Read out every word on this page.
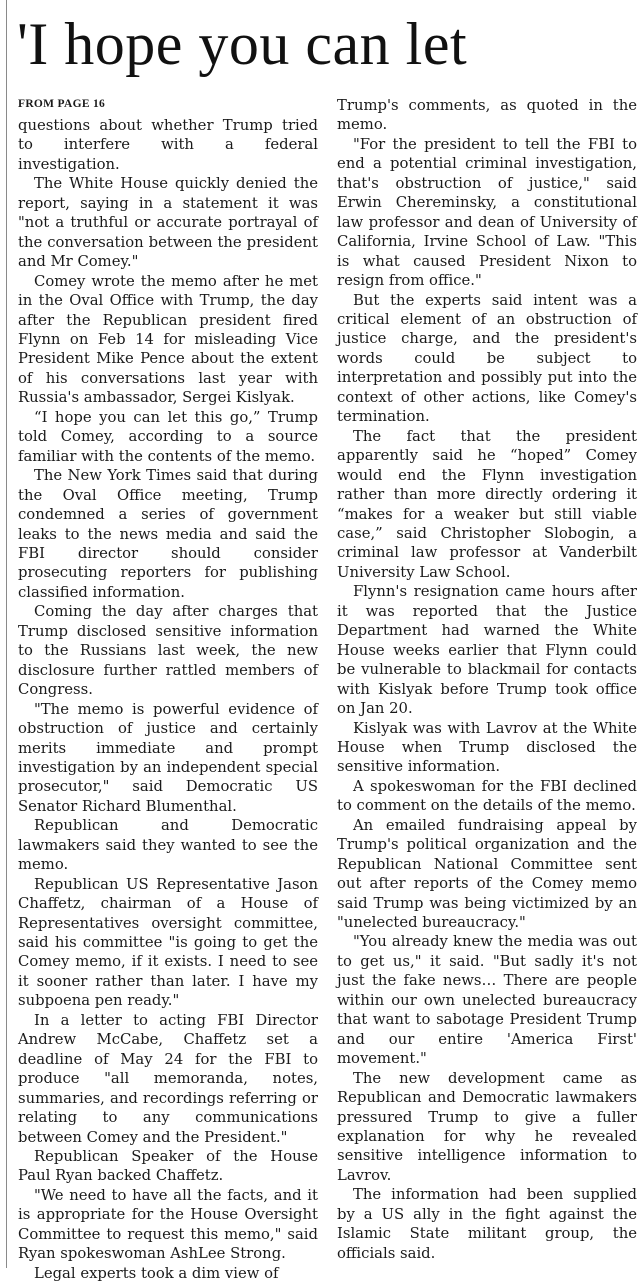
'I hope you can let
FROM PAGE 16

questions about whether Trump tried to interfere with a federal investigation.

The White House quickly denied the report, saying in a statement it was "not a truthful or accurate portrayal of the conversation between the president and Mr Comey."

Comey wrote the memo after he met in the Oval Office with Trump, the day after the Republican president fired Flynn on Feb 14 for misleading Vice President Mike Pence about the extent of his conversations last year with Russia's ambassador, Sergei Kislyak.

“I hope you can let this go,” Trump told Comey, according to a source familiar with the contents of the memo.

The New York Times said that during the Oval Office meeting, Trump condemned a series of government leaks to the news media and said the FBI director should consider prosecuting reporters for publishing classified information.

Coming the day after charges that Trump disclosed sensitive information to the Russians last week, the new disclosure further rattled members of Congress.

"The memo is powerful evidence of obstruction of justice and certainly merits immediate and prompt investigation by an independent special prosecutor," said Democratic US Senator Richard Blumenthal.

Republican and Democratic lawmakers said they wanted to see the memo.

Republican US Representative Jason Chaffetz, chairman of a House of Representatives oversight committee, said his committee "is going to get the Comey memo, if it exists. I need to see it sooner rather than later. I have my subpoena pen ready."

In a letter to acting FBI Director Andrew McCabe, Chaffetz set a deadline of May 24 for the FBI to produce "all memoranda, notes, summaries, and recordings referring or relating to any communications between Comey and the President."

Republican Speaker of the House Paul Ryan backed Chaffetz.

"We need to have all the facts, and it is appropriate for the House Oversight Committee to request this memo," said Ryan spokeswoman AshLee Strong.

Legal experts took a dim view of

Trump's comments, as quoted in the memo.

"For the president to tell the FBI to end a potential criminal investigation, that's obstruction of justice," said Erwin Chereminsky, a constitutional law professor and dean of University of California, Irvine School of Law. "This is what caused President Nixon to resign from office."

But the experts said intent was a critical element of an obstruction of justice charge, and the president's words could be subject to interpretation and possibly put into the context of other actions, like Comey's termination.

The fact that the president apparently said he “hoped” Comey would end the Flynn investigation rather than more directly ordering it “makes for a weaker but still viable case,” said Christopher Slobogin, a criminal law professor at Vanderbilt University Law School.

Flynn's resignation came hours after it was reported that the Justice Department had warned the White House weeks earlier that Flynn could be vulnerable to blackmail for contacts with Kislyak before Trump took office on Jan 20.

Kislyak was with Lavrov at the White House when Trump disclosed the sensitive information.

A spokeswoman for the FBI declined to comment on the details of the memo.

An emailed fundraising appeal by Trump's political organization and the Republican National Committee sent out after reports of the Comey memo said Trump was being victimized by an "unelected bureaucracy."

"You already knew the media was out to get us," it said. "But sadly it's not just the fake news… There are people within our own unelected bureaucracy that want to sabotage President Trump and our entire 'America First' movement."

The new development came as Republican and Democratic lawmakers pressured Trump to give a fuller explanation for why he revealed sensitive intelligence information to Lavrov.

The information had been supplied by a US ally in the fight against the Islamic State militant group, the officials said.
